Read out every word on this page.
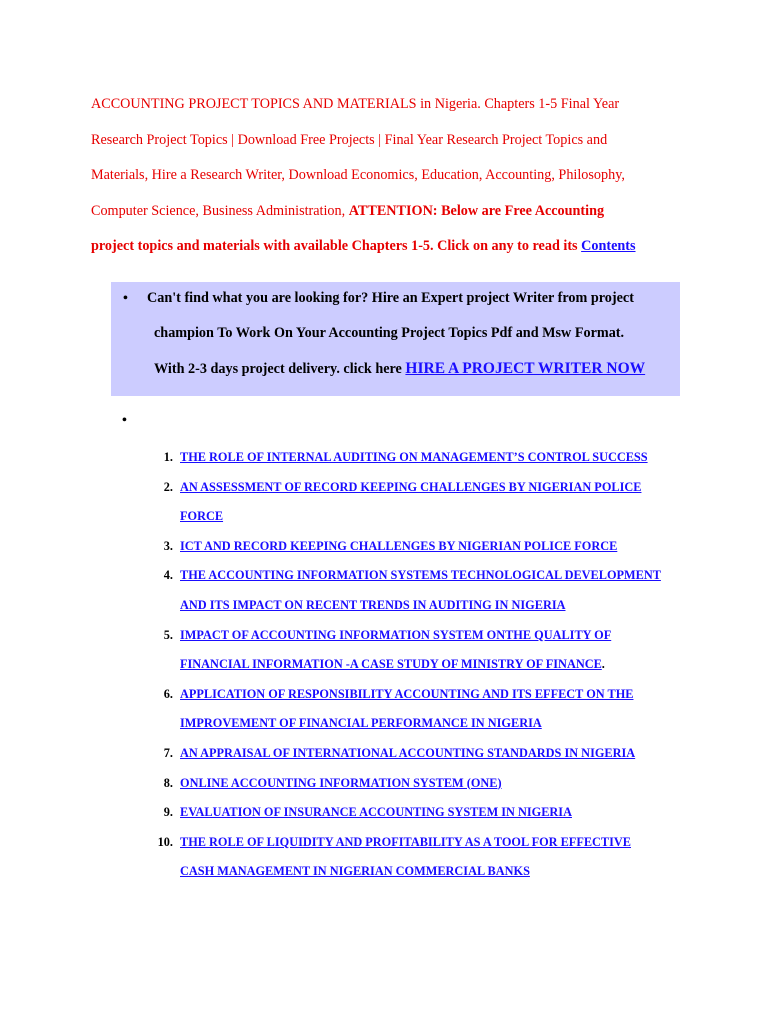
ACCOUNTING PROJECT TOPICS AND MATERIALS in Nigeria. Chapters 1-5 Final Year
Research Project Topics | Download Free Projects | Final Year Research Project Topics and
Materials, Hire a Research Writer, Download Economics, Education, Accounting, Philosophy,
Computer Science, Business Administration, ATTENTION: Below are Free Accounting
project topics and materials with available Chapters 1-5. Click on any to read its Contents
• Can't find what you are looking for? Hire an Expert project Writer from project
champion To Work On Your Accounting Project Topics Pdf and Msw Format.
With 2-3 days project delivery. click here HIRE A PROJECT WRITER NOW
•
1. THE ROLE OF INTERNAL AUDITING ON MANAGEMENT’S CONTROL SUCCESS
2. AN ASSESSMENT OF RECORD KEEPING CHALLENGES BY NIGERIAN POLICE
FORCE
3. ICT AND RECORD KEEPING CHALLENGES BY NIGERIAN POLICE FORCE
4. THE ACCOUNTING INFORMATION SYSTEMS TECHNOLOGICAL DEVELOPMENT
AND ITS IMPACT ON RECENT TRENDS IN AUDITING IN NIGERIA
5. IMPACT OF ACCOUNTING INFORMATION SYSTEM ONTHE QUALITY OF
FINANCIAL INFORMATION -A CASE STUDY OF MINISTRY OF FINANCE.
6. APPLICATION OF RESPONSIBILITY ACCOUNTING AND ITS EFFECT ON THE
IMPROVEMENT OF FINANCIAL PERFORMANCE IN NIGERIA
7. AN APPRAISAL OF INTERNATIONAL ACCOUNTING STANDARDS IN NIGERIA
8. ONLINE ACCOUNTING INFORMATION SYSTEM (ONE)
9. EVALUATION OF INSURANCE ACCOUNTING SYSTEM IN NIGERIA
10. THE ROLE OF LIQUIDITY AND PROFITABILITY AS A TOOL FOR EFFECTIVE
CASH MANAGEMENT IN NIGERIAN COMMERCIAL BANKS
